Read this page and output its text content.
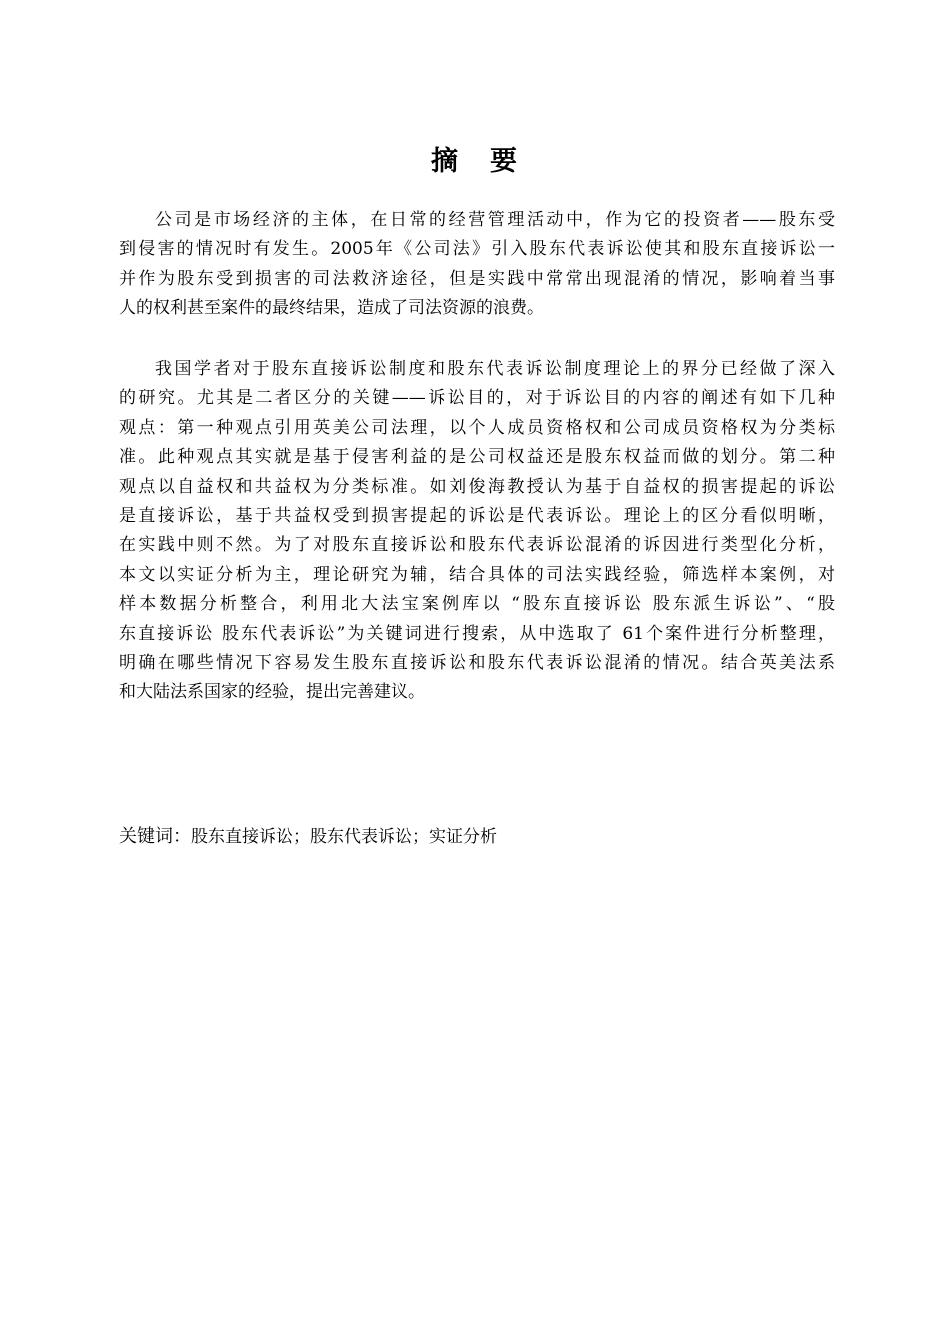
摘 要
公司是市场经济的主体，在日常的经营管理活动中，作为它的投资者——股东受
到侵害的情况时有发生。2005年《公司法》引入股东代表诉讼使其和股东直接诉讼一
并作为股东受到损害的司法救济途径，但是实践中常常出现混淆的情况，影响着当事
人的权利甚至案件的最终结果，造成了司法资源的浪费。
我国学者对于股东直接诉讼制度和股东代表诉讼制度理论上的界分已经做了深入
的研究。尤其是二者区分的关键——诉讼目的，对于诉讼目的内容的阐述有如下几种
观点：第一种观点引用英美公司法理，以个人成员资格权和公司成员资格权为分类标
准。此种观点其实就是基于侵害利益的是公司权益还是股东权益而做的划分。第二种
观点以自益权和共益权为分类标准。如刘俊海教授认为基于自益权的损害提起的诉讼
是直接诉讼，基于共益权受到损害提起的诉讼是代表诉讼。理论上的区分看似明晰，
在实践中则不然。为了对股东直接诉讼和股东代表诉讼混淆的诉因进行类型化分析，
本文以实证分析为主，理论研究为辅，结合具体的司法实践经验，筛选样本案例，对
样本数据分析整合，利用北大法宝案例库以 “股东直接诉讼 股东派生诉讼”、“股
东直接诉讼 股东代表诉讼”为关键词进行搜索，从中选取了 61个案件进行分析整理，
明确在哪些情况下容易发生股东直接诉讼和股东代表诉讼混淆的情况。结合英美法系
和大陆法系国家的经验，提出完善建议。
关键词：股东直接诉讼；股东代表诉讼；实证分析
